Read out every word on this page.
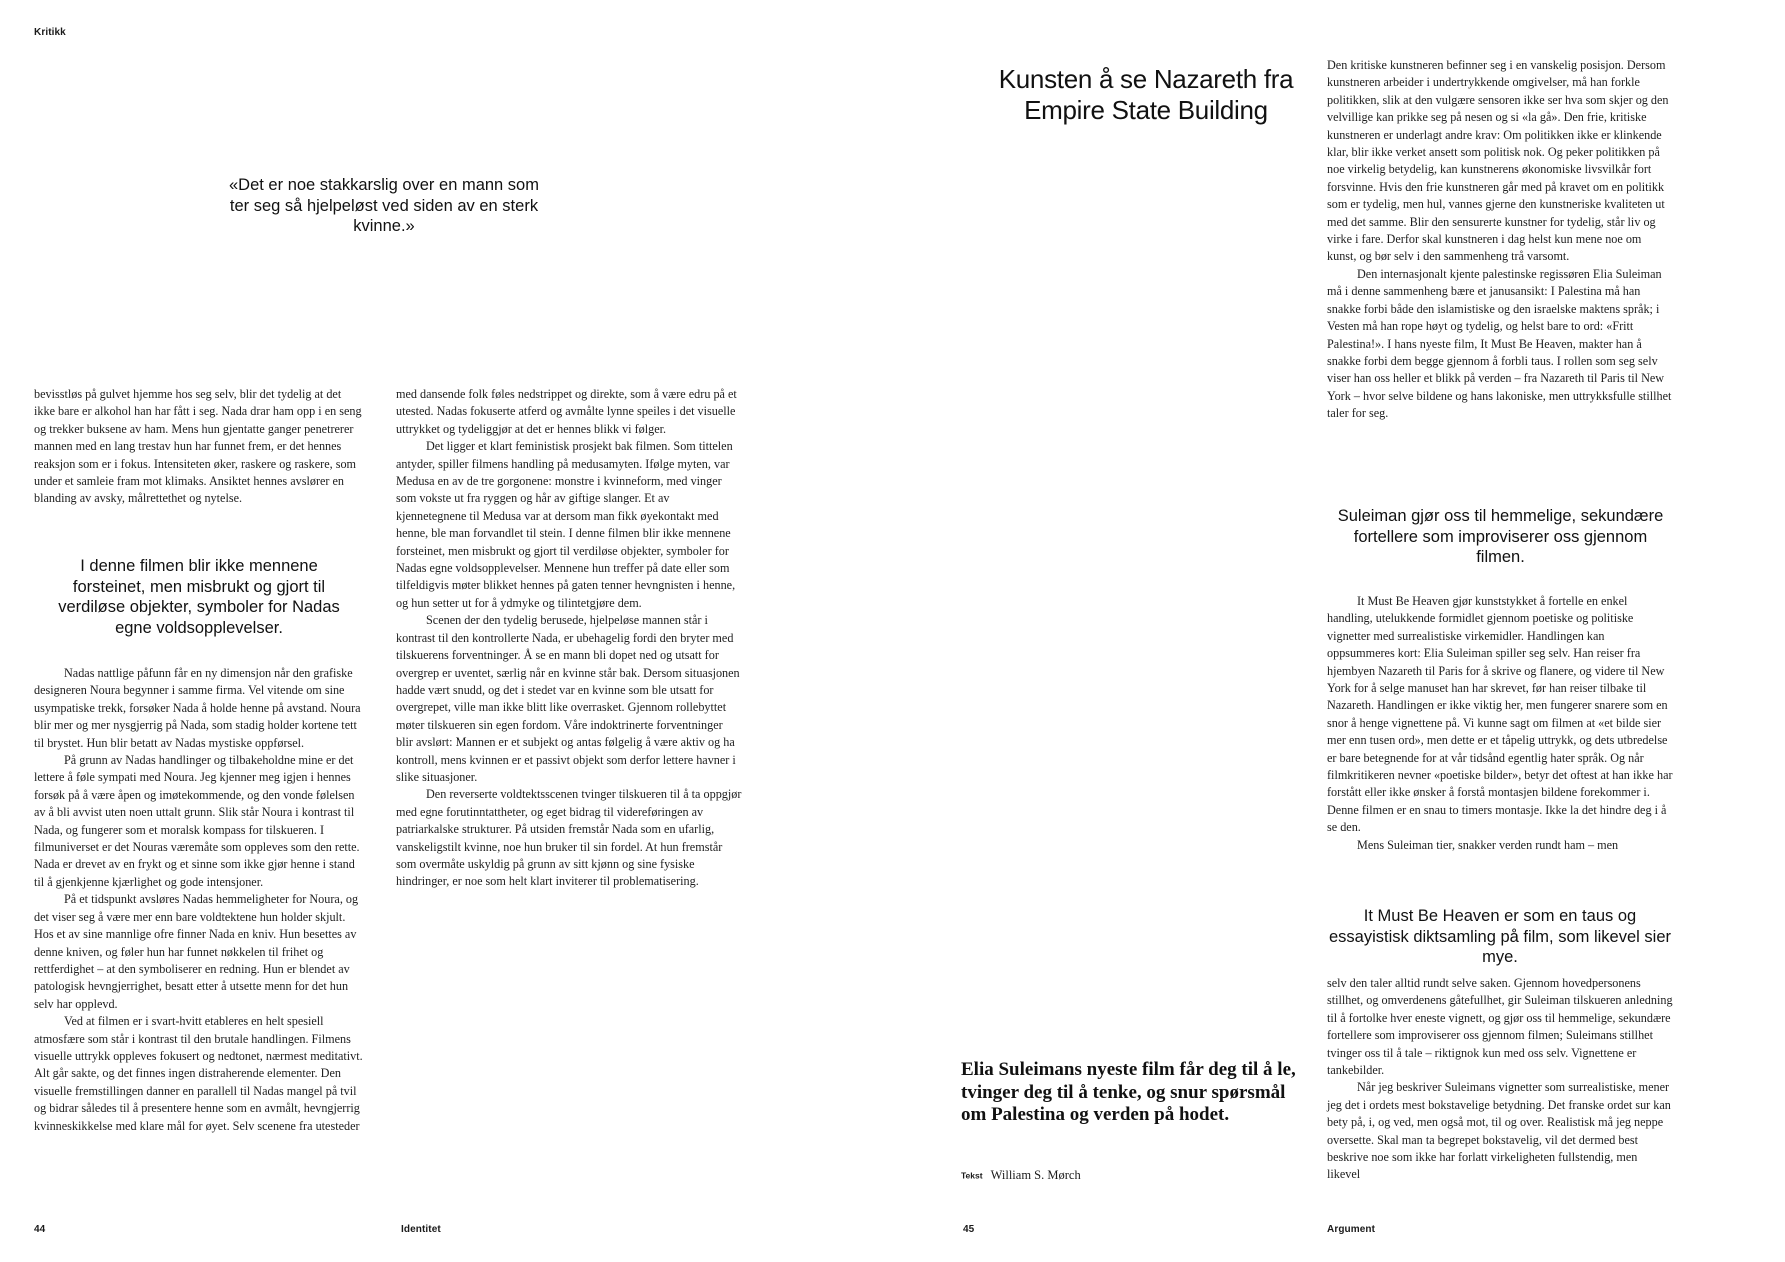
Kritikk
«Det er noe stakkarslig over en mann som ter seg så hjelpeløst ved siden av en sterk kvinne.»

bevisstløs på gulvet hjemme hos seg selv, blir det tydelig at det ikke bare er alkohol han har fått i seg. Nada drar ham opp i en seng og trekker buksene av ham. Mens hun gjentatte ganger penetrerer mannen med en lang trestav hun har funnet frem, er det hennes reaksjon som er i fokus. Intensiteten øker, raskere og raskere, som under et samleie fram mot klimaks. Ansiktet hennes avslører en blanding av avsky, målrettethet og nytelse.

I denne filmen blir ikke mennene forsteinet, men misbrukt og gjort til verdiløse objekter, symboler for Nadas egne voldsopplevelser.

Nadas nattlige påfunn får en ny dimensjon når den grafiske designeren Noura begynner i samme firma. Vel vitende om sine usympatiske trekk, forsøker Nada å holde henne på avstand. Noura blir mer og mer nysgjerrig på Nada, som stadig holder kortene tett til brystet. Hun blir betatt av Nadas mystiske oppførsel.

På grunn av Nadas handlinger og tilbakeholdne mine er det lettere å føle sympati med Noura. Jeg kjenner meg igjen i hennes forsøk på å være åpen og imøtekommende, og den vonde følelsen av å bli avvist uten noen uttalt grunn. Slik står Noura i kontrast til Nada, og fungerer som et moralsk kompass for tilskueren. I filmuniverset er det Nouras væremåte som oppleves som den rette. Nada er drevet av en frykt og et sinne som ikke gjør henne i stand til å gjenkjenne kjærlighet og gode intensjoner.

På et tidspunkt avsløres Nadas hemmeligheter for Noura, og det viser seg å være mer enn bare voldtektene hun holder skjult. Hos et av sine mannlige ofre finner Nada en kniv. Hun besettes av denne kniven, og føler hun har funnet nøkkelen til frihet og rettferdighet – at den symboliserer en redning. Hun er blendet av patologisk hevngjerrighet, besatt etter å utsette menn for det hun selv har opplevd.

Ved at filmen er i svart-hvitt etableres en helt spesiell atmosfære som står i kontrast til den brutale handlingen. Filmens visuelle uttrykk oppleves fokusert og nedtonet, nærmest meditativt. Alt går sakte, og det finnes ingen distraherende elementer. Den visuelle fremstillingen danner en parallell til Nadas mangel på tvil og bidrar således til å presentere henne som en avmålt, hevngjerrig kvinneskikkelse med klare mål for øyet. Selv scenene fra utesteder

med dansende folk føles nedstrippet og direkte, som å være edru på et utested. Nadas fokuserte atferd og avmålte lynne speiles i det visuelle uttrykket og tydeliggjør at det er hennes blikk vi følger.

Det ligger et klart feministisk prosjekt bak filmen. Som tittelen antyder, spiller filmens handling på medusamyten. Ifølge myten, var Medusa en av de tre gorgonene: monstre i kvinneform, med vinger som vokste ut fra ryggen og hår av giftige slanger. Et av kjennetegnene til Medusa var at dersom man fikk øyekontakt med henne, ble man forvandlet til stein. I denne filmen blir ikke mennene forsteinet, men misbrukt og gjort til verdiløse objekter, symboler for Nadas egne voldsopplevelser. Mennene hun treffer på date eller som tilfeldigvis møter blikket hennes på gaten tenner hevngnisten i henne, og hun setter ut for å ydmyke og tilintetgjøre dem.

Scenen der den tydelig berusede, hjelpeløse mannen står i kontrast til den kontrollerte Nada, er ubehagelig fordi den bryter med tilskuerens forventninger. Å se en mann bli dopet ned og utsatt for overgrep er uventet, særlig når en kvinne står bak. Dersom situasjonen hadde vært snudd, og det i stedet var en kvinne som ble utsatt for overgrepet, ville man ikke blitt like overrasket. Gjennom rollebyttet møter tilskueren sin egen fordom. Våre indoktrinerte forventninger blir avslørt: Mannen er et subjekt og antas følgelig å være aktiv og ha kontroll, mens kvinnen er et passivt objekt som derfor lettere havner i slike situasjoner.

Den reverserte voldtektsscenen tvinger tilskueren til å ta oppgjør med egne forutinntattheter, og eget bidrag til videreføringen av patriarkalske strukturer. På utsiden fremstår Nada som en ufarlig, vanskeligstilt kvinne, noe hun bruker til sin fordel. At hun fremstår som overmåte uskyldig på grunn av sitt kjønn og sine fysiske hindringer, er noe som helt klart inviterer til problematisering.

44	Identitet
Kunsten å se Nazareth fra Empire State Building
Elia Suleimans nyeste film får deg til å le, tvinger deg til å tenke, og snur spørsmål om Palestina og verden på hodet.
Tekst William S. Mørch

Den kritiske kunstneren befinner seg i en vanskelig posisjon. Dersom kunstneren arbeider i undertrykkende omgivelser, må han forkle politikken, slik at den vulgære sensoren ikke ser hva som skjer og den velvillige kan prikke seg på nesen og si «la gå». Den frie, kritiske kunstneren er underlagt andre krav: Om politikken ikke er klinkende klar, blir ikke verket ansett som politisk nok. Og peker politikken på noe virkelig betydelig, kan kunstnerens økonomiske livsvilkår fort forsvinne. Hvis den frie kunstneren går med på kravet om en politikk som er tydelig, men hul, vannes gjerne den kunstneriske kvaliteten ut med det samme. Blir den sensurerte kunstner for tydelig, står liv og virke i fare. Derfor skal kunstneren i dag helst kun mene noe om kunst, og bør selv i den sammenheng trå varsomt.

Den internasjonalt kjente palestinske regissøren Elia Suleiman må i denne sammenheng bære et janusansikt: I Palestina må han snakke forbi både den islamistiske og den israelske maktens språk; i Vesten må han rope høyt og tydelig, og helst bare to ord: «Fritt Palestina!». I hans nyeste film, It Must Be Heaven, makter han å snakke forbi dem begge gjennom å forbli taus. I rollen som seg selv viser han oss heller et blikk på verden – fra Nazareth til Paris til New York – hvor selve bildene og hans lakoniske, men uttrykksfulle stillhet taler for seg.

Suleiman gjør oss til hemmelige, sekundære fortellere som improviserer oss gjennom filmen.

It Must Be Heaven gjør kunststykket å fortelle en enkel handling, utelukkende formidlet gjennom poetiske og politiske vignetter med surrealistiske virkemidler. Handlingen kan oppsummeres kort: Elia Suleiman spiller seg selv. Han reiser fra hjembyen Nazareth til Paris for å skrive og flanere, og videre til New York for å selge manuset han har skrevet, før han reiser tilbake til Nazareth. Handlingen er ikke viktig her, men fungerer snarere som en snor å henge vignettene på. Vi kunne sagt om filmen at «et bilde sier mer enn tusen ord», men dette er et tåpelig uttrykk, og dets utbredelse er bare betegnende for at vår tidsånd egentlig hater språk. Og når filmkritikeren nevner «poetiske bilder», betyr det oftest at han ikke har forstått eller ikke ønsker å forstå montasjen bildene forekommer i. Denne filmen er en snau to timers montasje. Ikke la det hindre deg i å se den.

Mens Suleiman tier, snakker verden rundt ham – men

It Must Be Heaven er som en taus og essayistisk diktsamling på film, som likevel sier mye.

selv den taler alltid rundt selve saken. Gjennom hovedpersonens stillhet, og omverdenens gåtefullhet, gir Suleiman tilskueren anledning til å fortolke hver eneste vignett, og gjør oss til hemmelige, sekundære fortellere som improviserer oss gjennom filmen; Suleimans stillhet tvinger oss til å tale – riktignok kun med oss selv. Vignettene er tankebilder.

Når jeg beskriver Suleimans vignetter som surrealistiske, mener jeg det i ordets mest bokstavelige betydning. Det franske ordet sur kan bety på, i, og ved, men også mot, til og over. Realistisk må jeg neppe oversette. Skal man ta begrepet bokstavelig, vil det dermed best beskrive noe som ikke har forlatt virkeligheten fullstendig, men likevel

45	Argument
